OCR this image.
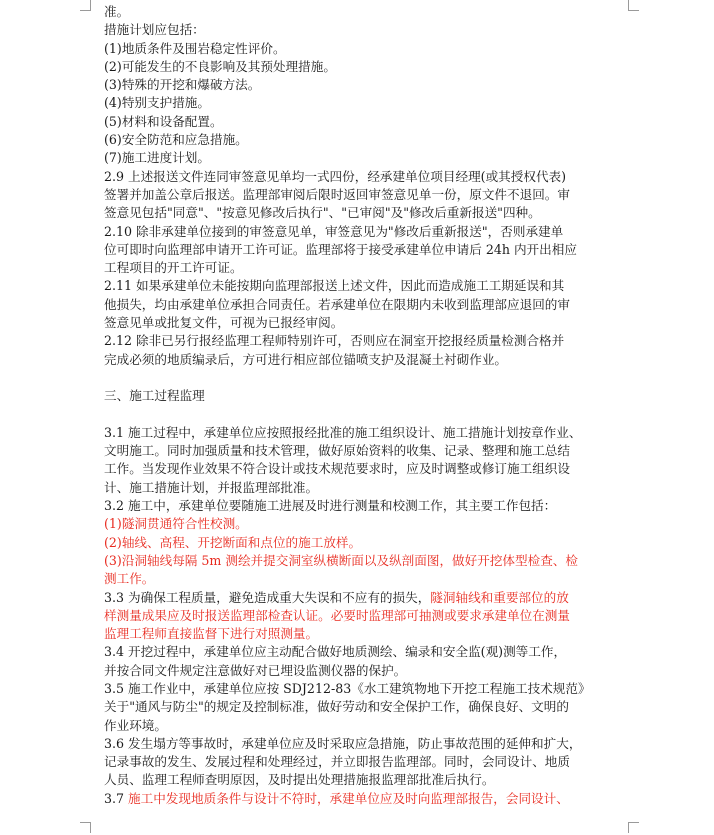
准。
措施计划应包括：
(1)地质条件及围岩稳定性评价。
(2)可能发生的不良影响及其预处理措施。
(3)特殊的开挖和爆破方法。
(4)特别支护措施。
(5)材料和设备配置。
(6)安全防范和应急措施。
(7)施工进度计划。
2.9 上述报送文件连同审签意见单均一式四份，经承建单位项目经理(或其授权代表)
签署并加盖公章后报送。监理部审阅后限时返回审签意见单一份，原文件不退回。审
签意见包括"同意"、"按意见修改后执行"、"已审阅"及"修改后重新报送"四种。
2.10 除非承建单位接到的审签意见单，审签意见为"修改后重新报送"，否则承建单
位可即时向监理部申请开工许可证。监理部将于接受承建单位申请后 24h 内开出相应
工程项目的开工许可证。
2.11 如果承建单位未能按期向监理部报送上述文件，因此而造成施工工期延误和其
他损失，均由承建单位承担合同责任。若承建单位在限期内未收到监理部应退回的审
签意见单或批复文件，可视为已报经审阅。
2.12 除非已另行报经监理工程师特别许可，否则应在洞室开挖报经质量检测合格并
完成必须的地质编录后，方可进行相应部位锚喷支护及混凝土衬砌作业。
三、施工过程监理
3.1 施工过程中，承建单位应按照报经批准的施工组织设计、施工措施计划按章作业、
文明施工。同时加强质量和技术管理，做好原始资料的收集、记录、整理和施工总结
工作。当发现作业效果不符合设计或技术规范要求时，应及时调整或修订施工组织设
计、施工措施计划，并报监理部批准。
3.2 施工中，承建单位要随施工进展及时进行测量和校测工作，其主要工作包括：
(1)隧洞贯通符合性校测。
(2)轴线、高程、开挖断面和点位的施工放样。
(3)沿洞轴线每隔 5m 测绘并提交洞室纵横断面以及纵剖面图，做好开挖体型检查、检
测工作。
3.3 为确保工程质量，避免造成重大失误和不应有的损失，隧洞轴线和重要部位的放
样测量成果应及时报送监理部检查认证。必要时监理部可抽测或要求承建单位在测量
监理工程师直接监督下进行对照测量。
3.4 开挖过程中，承建单位应主动配合做好地质测绘、编录和安全监(观)测等工作，
并按合同文件规定注意做好对已埋设监测仪器的保护。
3.5 施工作业中，承建单位应按 SDJ212-83《水工建筑物地下开挖工程施工技术规范》
关于"通风与防尘"的规定及控制标准，做好劳动和安全保护工作，确保良好、文明的
作业环境。
3.6 发生塌方等事故时，承建单位应及时采取应急措施，防止事故范围的延伸和扩大，
记录事故的发生、发展过程和处理经过，并立即报告监理部。同时，会同设计、地质
人员、监理工程师查明原因，及时提出处理措施报监理部批准后执行。
3.7 施工中发现地质条件与设计不符时，承建单位应及时向监理部报告，会同设计、
